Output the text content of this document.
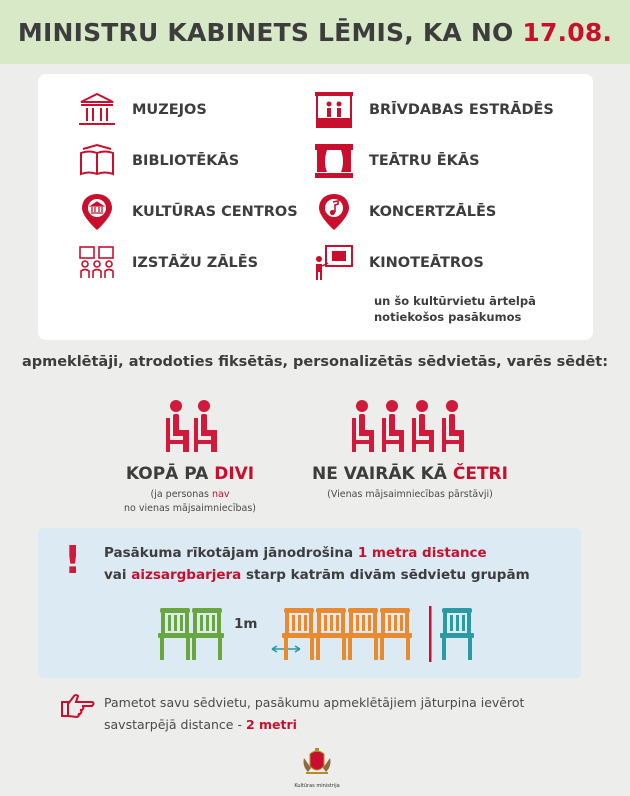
MINISTRU KABINETS LĒMIS, KA NO 17.08.
MUZEJOS
BIBLIOTĒKĀS
KULTŪRAS CENTROS
IZSTĀŽU ZĀLĒS
BRĪVDABAS ESTRĀDĒS
TEĀTRU ĒKĀS
KONCERTZĀLĒS
KINOTEĀTROS
un šo kultūrvietu ārtelpā
notiekošos pasākumos
apmeklētāji, atrodoties fiksētās, personalizētās sēdvietās, varēs sēdēt:
KOPĀ PA DIVI
(ja personas nav
no vienas mājsaimniecības)
NE VAIRĀK KĀ ČETRI
(Vienas mājsaimniecības pārstāvji)
! Pasākuma rīkotājam jānodrošina 1 metra distance
vai aizsargbarjera starp katrām divām sēdvietu grupām
1m
Pametot savu sēdvietu, pasākumu apmeklētājiem jāturpina ievērot
savstarpējā distance - 2 metri
Kultūras ministrija
